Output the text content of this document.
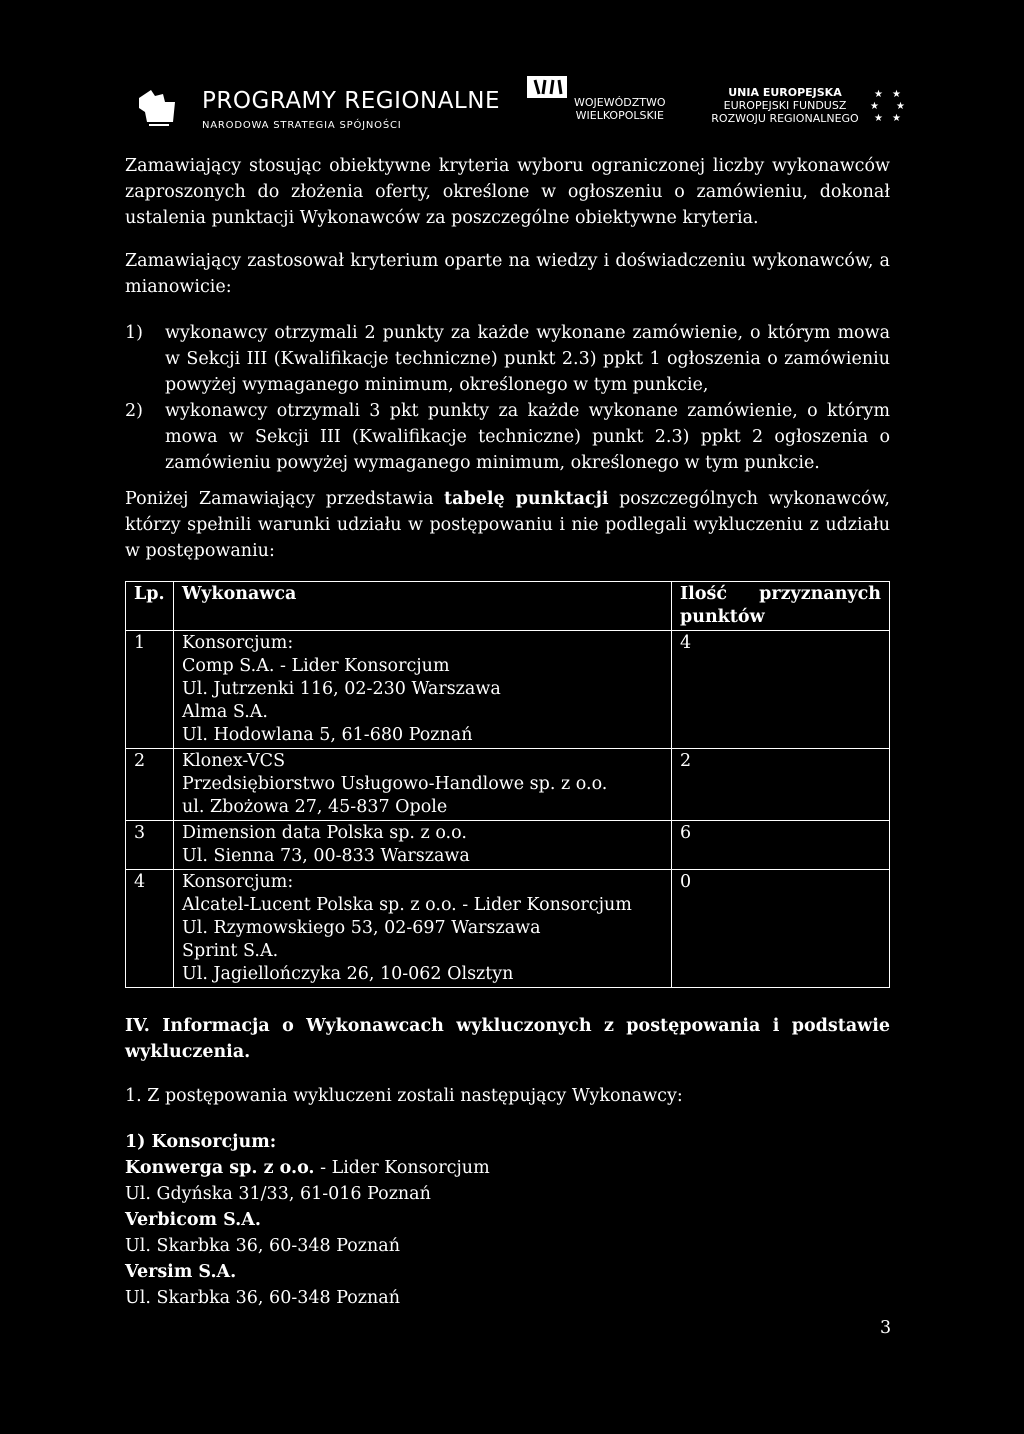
PROGRAMY REGIONALNE
NARODOWA STRATEGIA SPÓJNOŚCI
WOJEWÓDZTWO
WIELKOPOLSKIE
UNIA EUROPEJSKA
EUROPEJSKI FUNDUSZ
ROZWOJU REGIONALNEGO
★ ★
★ ★
★ ★

Zamawiający stosując obiektywne kryteria wyboru ograniczonej liczby wykonawców zaproszonych do złożenia oferty, określone w ogłoszeniu o zamówieniu, dokonał ustalenia punktacji Wykonawców za poszczególne obiektywne kryteria.

Zamawiający zastosował kryterium oparte na wiedzy i doświadczeniu wykonawców, a mianowicie:

1) wykonawcy otrzymali 2 punkty za każde wykonane zamówienie, o którym mowa w Sekcji III (Kwalifikacje techniczne) punkt 2.3) ppkt 1 ogłoszenia o zamówieniu powyżej wymaganego minimum, określonego w tym punkcie,
2) wykonawcy otrzymali 3 pkt punkty za każde wykonane zamówienie, o którym mowa w Sekcji III (Kwalifikacje techniczne) punkt 2.3) ppkt 2 ogłoszenia o zamówieniu powyżej wymaganego minimum, określonego w tym punkcie.

Poniżej Zamawiający przedstawia tabelę punktacji poszczególnych wykonawców, którzy spełnili warunki udziału w postępowaniu i nie podlegali wykluczeniu z udziału w postępowaniu:

Lp.	Wykonawca	Ilość przyznanych punktów
1	Konsorcjum:
Comp S.A. - Lider Konsorcjum
Ul. Jutrzenki 116, 02-230 Warszawa
Alma S.A.
Ul. Hodowlana 5, 61-680 Poznań	4
2	Klonex-VCS
Przedsiębiorstwo Usługowo-Handlowe sp. z o.o.
ul. Zbożowa 27, 45-837 Opole	2
3	Dimension data Polska sp. z o.o.
Ul. Sienna 73, 00-833 Warszawa	6
4	Konsorcjum:
Alcatel-Lucent Polska sp. z o.o. - Lider Konsorcjum
Ul. Rzymowskiego 53, 02-697 Warszawa
Sprint S.A.
Ul. Jagiellończyka 26, 10-062 Olsztyn	0

IV. Informacja o Wykonawcach wykluczonych z postępowania i podstawie wykluczenia.

1. Z postępowania wykluczeni zostali następujący Wykonawcy:

1) Konsorcjum:

Konwerga sp. z o.o. - Lider Konsorcjum
Ul. Gdyńska 31/33, 61-016 Poznań
Verbicom S.A.
Ul. Skarbka 36, 60-348 Poznań
Versim S.A.
Ul. Skarbka 36, 60-348 Poznań
3
